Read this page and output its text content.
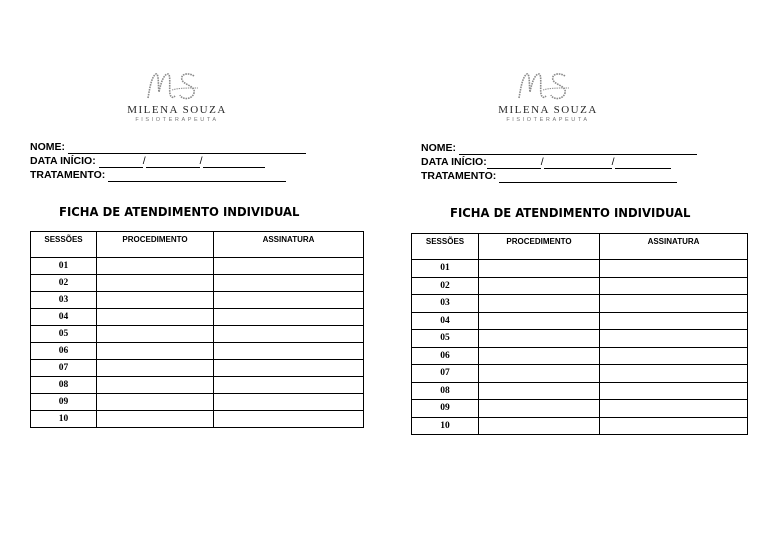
MILENA SOUZA
FISIOTERAPEUTA
NOME:
DATA INÍCIO:	/	/
TRATAMENTO:
FICHA DE ATENDIMENTO INDIVIDUAL
SESSÕES	PROCEDIMENTO	ASSINATURA
01		
02		
03		
04		
05		
06		
07		
08		
09		
10		
MILENA SOUZA
FISIOTERAPEUTA
NOME:
DATA INÍCIO:	/	/
TRATAMENTO:
FICHA DE ATENDIMENTO INDIVIDUAL
SESSÕES	PROCEDIMENTO	ASSINATURA
01		
02		
03		
04		
05		
06		
07		
08		
09		
10		
